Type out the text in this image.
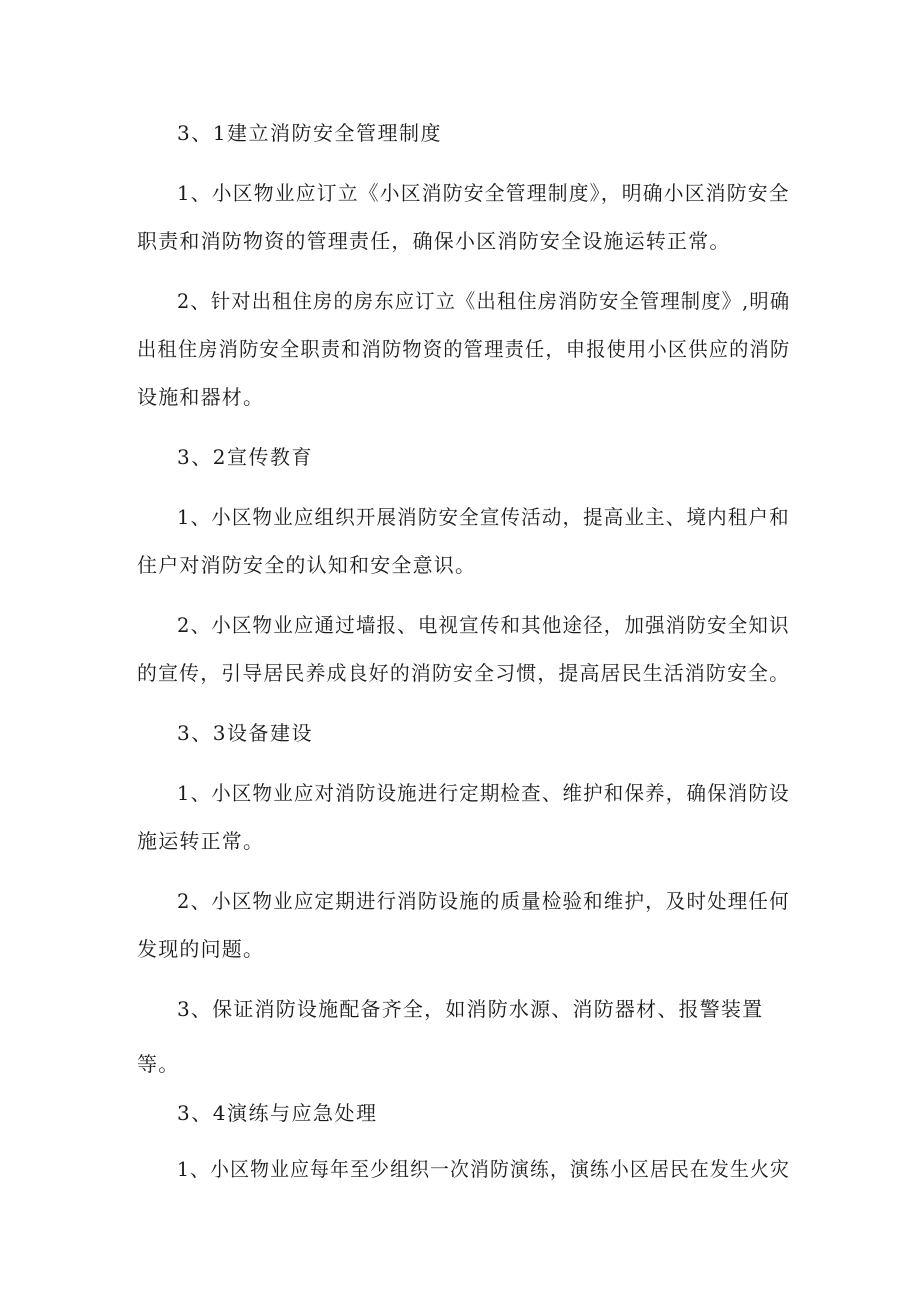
3、1建立消防安全管理制度
1、小区物业应订立《小区消防安全管理制度》，明确小区消防安全
职责和消防物资的管理责任，确保小区消防安全设施运转正常。
2、针对出租住房的房东应订立《出租住房消防安全管理制度》,明确
出租住房消防安全职责和消防物资的管理责任，申报使用小区供应的消防
设施和器材。
3、2宣传教育
1、小区物业应组织开展消防安全宣传活动，提高业主、境内租户和
住户对消防安全的认知和安全意识。
2、小区物业应通过墙报、电视宣传和其他途径，加强消防安全知识
的宣传，引导居民养成良好的消防安全习惯，提高居民生活消防安全。
3、3设备建设
1、小区物业应对消防设施进行定期检查、维护和保养，确保消防设
施运转正常。
2、小区物业应定期进行消防设施的质量检验和维护，及时处理任何
发现的问题。
3、保证消防设施配备齐全，如消防水源、消防器材、报警装置
等。
3、4演练与应急处理
1、小区物业应每年至少组织一次消防演练，演练小区居民在发生火灾
